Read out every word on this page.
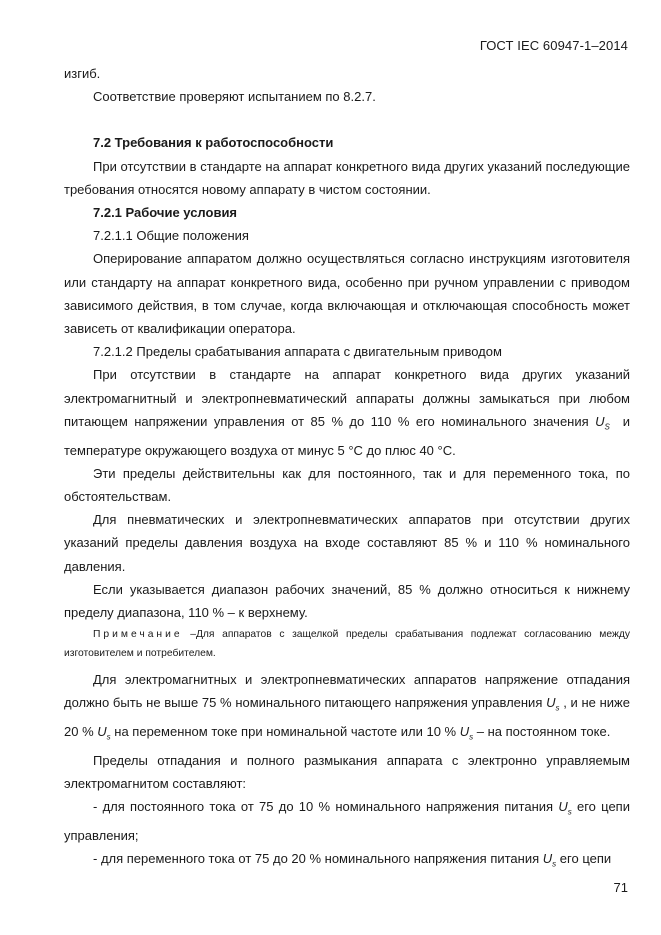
ГОСТ IEC 60947-1–2014

изгиб.

Соответствие проверяют испытанием по 8.2.7.

7.2 Требования к работоспособности

При отсутствии в стандарте на аппарат конкретного вида других указаний последующие требования относятся новому аппарату в чистом состоянии.

7.2.1 Рабочие условия

7.2.1.1 Общие положения

Оперирование аппаратом должно осуществляться согласно инструкциям изготовителя или стандарту на аппарат конкретного вида, особенно при ручном управлении с приводом зависимого действия, в том случае, когда включающая и отключающая способность может зависеть от квалификации оператора.

7.2.1.2 Пределы срабатывания аппарата с двигательным приводом

При отсутствии в стандарте на аппарат конкретного вида других указаний электромагнитный и электропневматический аппараты должны замыкаться при любом питающем напряжении управления от 85 % до 110 % его номинального значения $U_S$ и температуре окружающего воздуха от минус 5 °С до плюс 40 °С.

Эти пределы действительны как для постоянного, так и для переменного тока, по обстоятельствам.

Для пневматических и электропневматических аппаратов при отсутствии других указаний пределы давления воздуха на входе составляют 85 % и 110 % номинального давления.

Если указывается диапазон рабочих значений, 85 % должно относиться к нижнему пределу диапазона, 110 % – к верхнему.

Примечание –Для аппаратов с защелкой пределы срабатывания подлежат согласованию между изготовителем и потребителем.

Для электромагнитных и электропневматических аппаратов напряжение отпадания должно быть не выше 75 % номинального питающего напряжения управления $U_s$ , и не ниже 20 % $U_s$ на переменном токе при номинальной частоте или 10 % $U_s$ – на постоянном токе.

Пределы отпадания и полного размыкания аппарата с электронно управляемым электромагнитом составляют:

- для постоянного тока от 75 до 10 % номинального напряжения питания $U_s$ его цепи управления;

- для переменного тока от 75 до 20 % номинального напряжения питания $U_s$ его цепи

71
